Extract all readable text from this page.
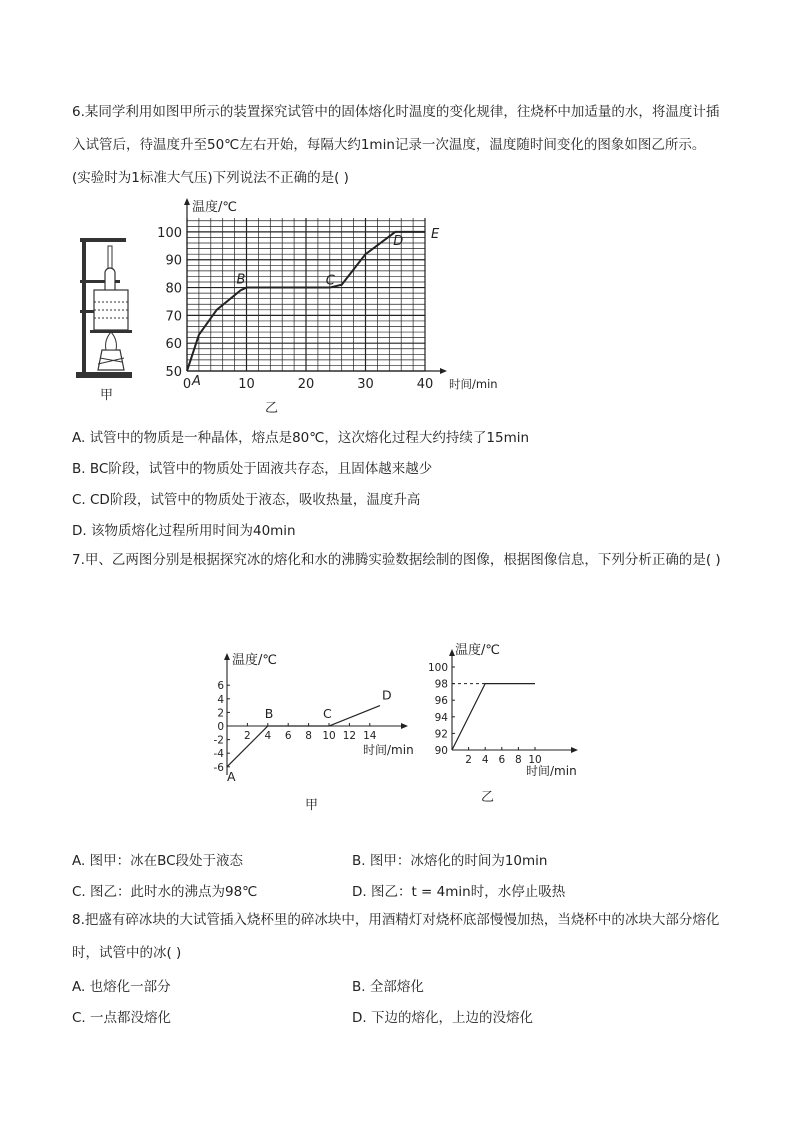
6.某同学利用如图甲所示的装置探究试管中的固体熔化时温度的变化规律，往烧杯中加适量的水，将温度计插入试管后，待温度升至50℃左右开始，每隔大约1min记录一次温度，温度随时间变化的图象如图乙所示。(实验时为1标准大气压)下列说法不正确的是( )
甲
温度/℃
时间/min
50
60
70
80
90
100
0	10	20	30	40
A
B	C
D E
乙
A. 试管中的物质是一种晶体，熔点是80℃，这次熔化过程大约持续了15min
B. BC阶段，试管中的物质处于固液共存态，且固体越来越少
C. CD阶段，试管中的物质处于液态，吸收热量，温度升高
D. 该物质熔化过程所用时间为40min
7.甲、乙两图分别是根据探究冰的熔化和水的沸腾实验数据绘制的图像，根据图像信息，下列分析正确的是( )
温度/℃
时间/min
-6
-4
-2
0
2
4
6
2 4 6 8 10 12 14
A
B	C
D
甲
温度/℃
时间/min
90
92
94
96
98
100
2 4 6 8 10
乙
A. 图甲：冰在BC段处于液态	B. 图甲：冰熔化的时间为10min
C. 图乙：此时水的沸点为98℃	D. 图乙：t = 4min时，水停止吸热
8.把盛有碎冰块的大试管插入烧杯里的碎冰块中，用酒精灯对烧杯底部慢慢加热，当烧杯中的冰块大部分熔化时，试管中的冰( )
A. 也熔化一部分	B. 全部熔化
C. 一点都没熔化	D. 下边的熔化，上边的没熔化
